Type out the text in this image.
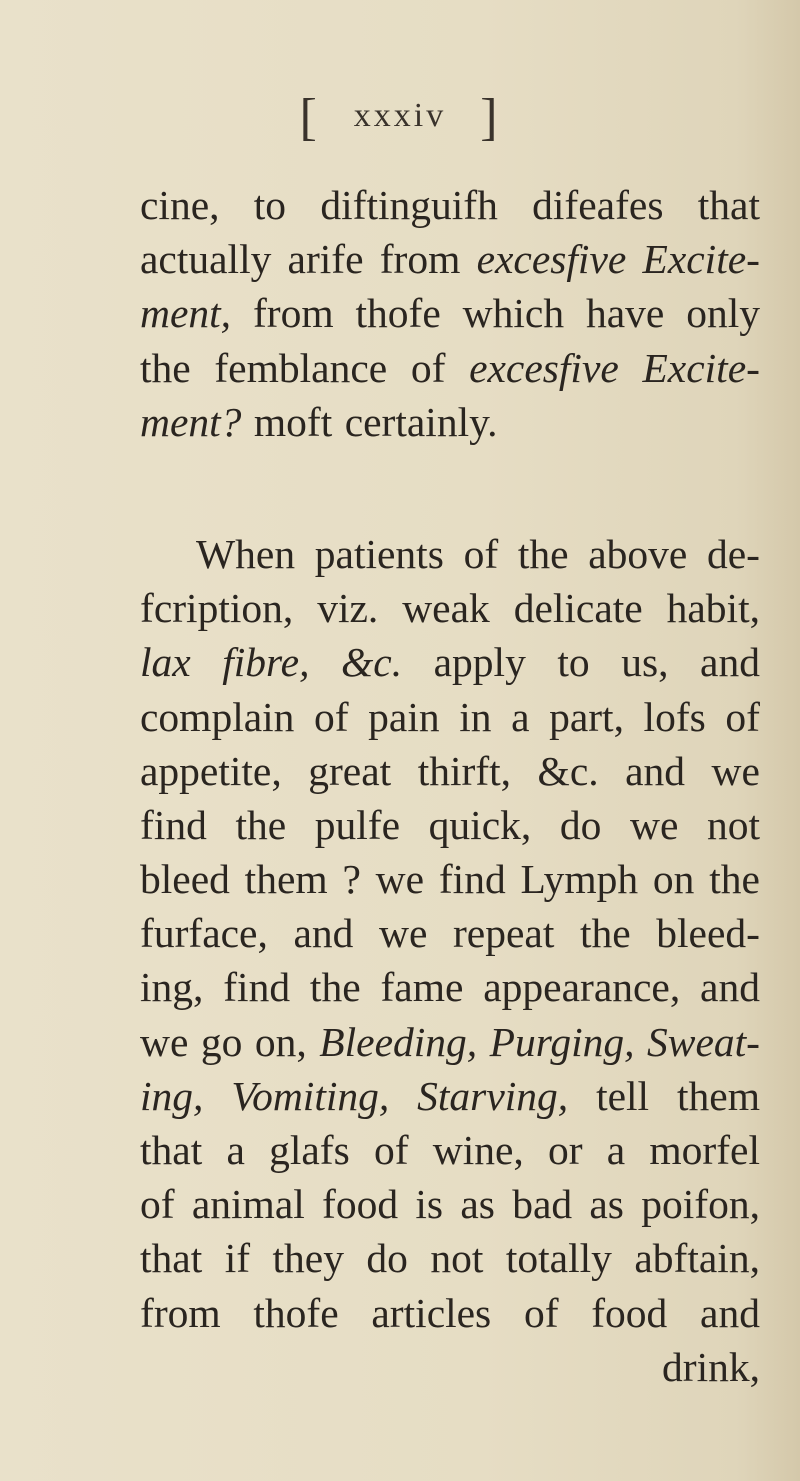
[ xxxiv ]
cine, to diftinguifh difeafes that
actually arife from excesfive Excite-
ment, from thofe which have only
the femblance of excesfive Excite-
ment? moft certainly.
When patients of the above de-
fcription, viz. weak delicate habit,
lax fibre, &c. apply to us, and
complain of pain in a part, lofs of
appetite, great thirft, &c. and we
find the pulfe quick, do we not
bleed them ? we find Lymph on the
furface, and we repeat the bleed-
ing, find the fame appearance, and
we go on, Bleeding, Purging, Sweat-
ing, Vomiting, Starving, tell them
that a glafs of wine, or a morfel
of animal food is as bad as poifon,
that if they do not totally abftain,
from thofe articles of food and
drink,
